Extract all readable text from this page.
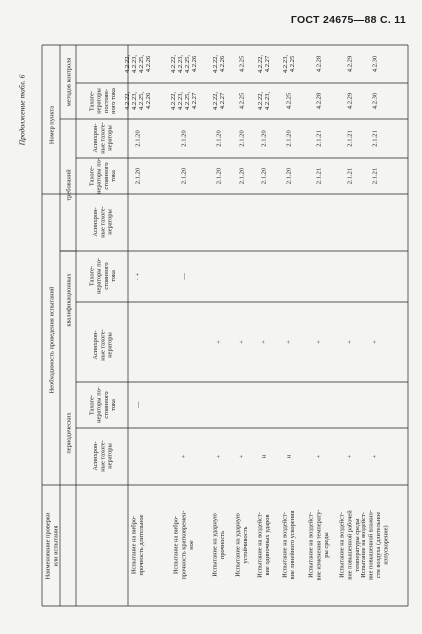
ГОСТ 24675—88 С. 11
Наименование проверки или испытания
Необходимость проведения испытаний
Номер пункта
периодических
квалификационных
требований
методов контроля
Асинхрон- ные тахоге- нераторы
Тахоге- нераторы по- стоянного тока
Асинхрон- ные тахоге- нераторы
Тахоге- нераторы по- стоянного тока
Асинхрон- ные тахоге- нераторы
Тахоге- нераторы по- стоянного тока
Асинхрон- ные тахоге- нераторы
Тахоге- нераторы постоян- ного тока
Продолжение табл. 6
Испытание на вибро- прочность длительное
—
· +
2.1.20
2.1.20
4.2.22, 4.2.23, 4.2.25, 4.2.26
4.2.22, 4.2.23, 4.2.25, 4.2.26
Испытание на вибро- прочность кратковремен- ное
+
—
2.1.20
2.1.20
4.2.22, 4.2.23, 4.2.25, 4.2.27
4.2.22, 4.2.23, 4.2.25, 4.2.26
Испытание на ударную прочность
+
+
2.1.20
2.1.20
4.2.22, 4.2.27
4.2.22, 4.2.26
Испытание на ударную устойчивость
+
+
2.1.20
2.1.20
4.2.25
4.2.25
Испытание на воздейст- вие одиночных ударов
н
+
2.1.20
2.1.20
4.2.22, 4.2.23,
4.2.22, 4.2.27
Испытание на воздейст- вие линейного ускорения
н
+
2.1.20
2.1.20
4.2.25
4.2.23, 4.2.25
Испытание на воздейст- вие изменения температу- ры среды
+
+
2.1.21
2.1.21
4.2.28
4.2.28
Испытание на воздейст- вие повышенной рабочей температуры среды
+
+
2.1.21
2.1.21
4.2.29
4.2.29
Испытание на воздейст- вие повышенной влажно- сти воздуха (длительное изпускорение)
+
+
2.1.21
2.1.21
4.2.30
4.2.30
